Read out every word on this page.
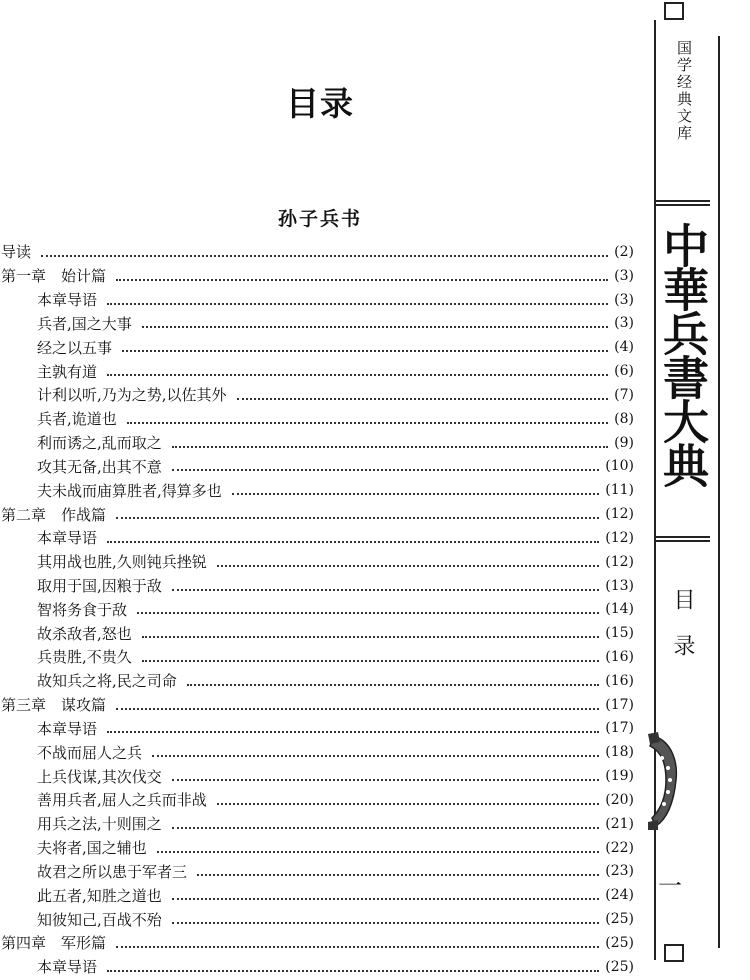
目录
孙子兵书
导读	(2)
第一章　始计篇	(3)
本章导语	(3)
兵者,国之大事	(3)
经之以五事	(4)
主孰有道	(6)
计利以听,乃为之势,以佐其外	(7)
兵者,诡道也	(8)
利而诱之,乱而取之	(9)
攻其无备,出其不意	(10)
夫未战而庙算胜者,得算多也	(11)
第二章　作战篇	(12)
本章导语	(12)
其用战也胜,久则钝兵挫锐	(12)
取用于国,因粮于敌	(13)
智将务食于敌	(14)
故杀敌者,怒也	(15)
兵贵胜,不贵久	(16)
故知兵之将,民之司命	(16)
第三章　谋攻篇	(17)
本章导语	(17)
不战而屈人之兵	(18)
上兵伐谋,其次伐交	(19)
善用兵者,屈人之兵而非战	(20)
用兵之法,十则围之	(21)
夫将者,国之辅也	(22)
故君之所以患于军者三	(23)
此五者,知胜之道也	(24)
知彼知己,百战不殆	(25)
第四章　军形篇	(25)
本章导语	(25)
国学经典文库
中華兵書大典
目录
一
